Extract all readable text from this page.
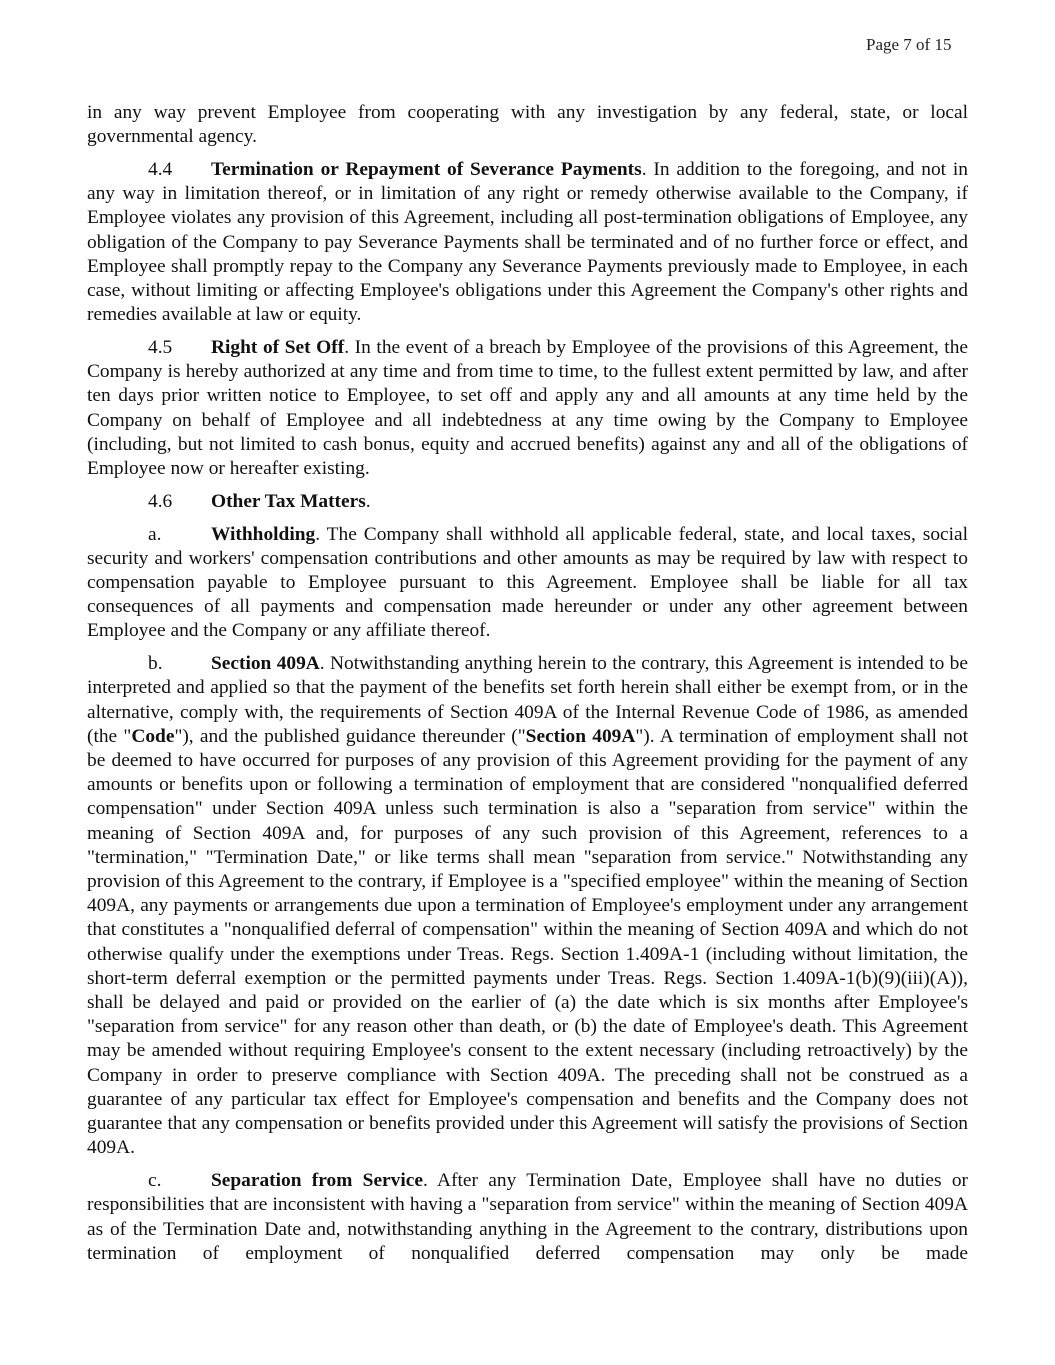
Page 7 of 15

in any way prevent Employee from cooperating with any investigation by any federal, state, or local governmental agency.

4.4 Termination or Repayment of Severance Payments. In addition to the foregoing, and not in any way in limitation thereof, or in limitation of any right or remedy otherwise available to the Company, if Employee violates any provision of this Agreement, including all post-termination obligations of Employee, any obligation of the Company to pay Severance Payments shall be terminated and of no further force or effect, and Employee shall promptly repay to the Company any Severance Payments previously made to Employee, in each case, without limiting or affecting Employee's obligations under this Agreement the Company's other rights and remedies available at law or equity.

4.5 Right of Set Off. In the event of a breach by Employee of the provisions of this Agreement, the Company is hereby authorized at any time and from time to time, to the fullest extent permitted by law, and after ten days prior written notice to Employee, to set off and apply any and all amounts at any time held by the Company on behalf of Employee and all indebtedness at any time owing by the Company to Employee (including, but not limited to cash bonus, equity and accrued benefits) against any and all of the obligations of Employee now or hereafter existing.

4.6 Other Tax Matters.

a.	Withholding. The Company shall withhold all applicable federal, state, and local taxes, social security and workers' compensation contributions and other amounts as may be required by law with respect to compensation payable to Employee pursuant to this Agreement. Employee shall be liable for all tax consequences of all payments and compensation made hereunder or under any other agreement between Employee and the Company or any affiliate thereof.

b. Section 409A. Notwithstanding anything herein to the contrary, this Agreement is intended to be interpreted and applied so that the payment of the benefits set forth herein shall either be exempt from, or in the alternative, comply with, the requirements of Section 409A of the Internal Revenue Code of 1986, as amended (the "Code"), and the published guidance thereunder ("Section 409A"). A termination of employment shall not be deemed to have occurred for purposes of any provision of this Agreement providing for the payment of any amounts or benefits upon or following a termination of employment that are considered "nonqualified deferred compensation" under Section 409A unless such termination is also a "separation from service" within the meaning of Section 409A and, for purposes of any such provision of this Agreement, references to a "termination," "Termination Date," or like terms shall mean "separation from service." Notwithstanding any provision of this Agreement to the contrary, if Employee is a "specified employee" within the meaning of Section 409A, any payments or arrangements due upon a termination of Employee's employment under any arrangement that constitutes a "nonqualified deferral of compensation" within the meaning of Section 409A and which do not otherwise qualify under the exemptions under Treas. Regs. Section 1.409A-1 (including without limitation, the short-term deferral exemption or the permitted payments under Treas. Regs. Section 1.409A-1(b)(9)(iii)(A)), shall be delayed and paid or provided on the earlier of (a) the date which is six months after Employee's "separation from service" for any reason other than death, or (b) the date of Employee's death. This Agreement may be amended without requiring Employee's consent to the extent necessary (including retroactively) by the Company in order to preserve compliance with Section 409A. The preceding shall not be construed as a guarantee of any particular tax effect for Employee's compensation and benefits and the Company does not guarantee that any compensation or benefits provided under this Agreement will satisfy the provisions of Section 409A.

c.	Separation from Service. After any Termination Date, Employee shall have no duties or responsibilities that are inconsistent with having a "separation from service" within the meaning of Section 409A as of the Termination Date and, notwithstanding anything in the Agreement to the contrary, distributions upon termination of employment of nonqualified deferred compensation may only be made
